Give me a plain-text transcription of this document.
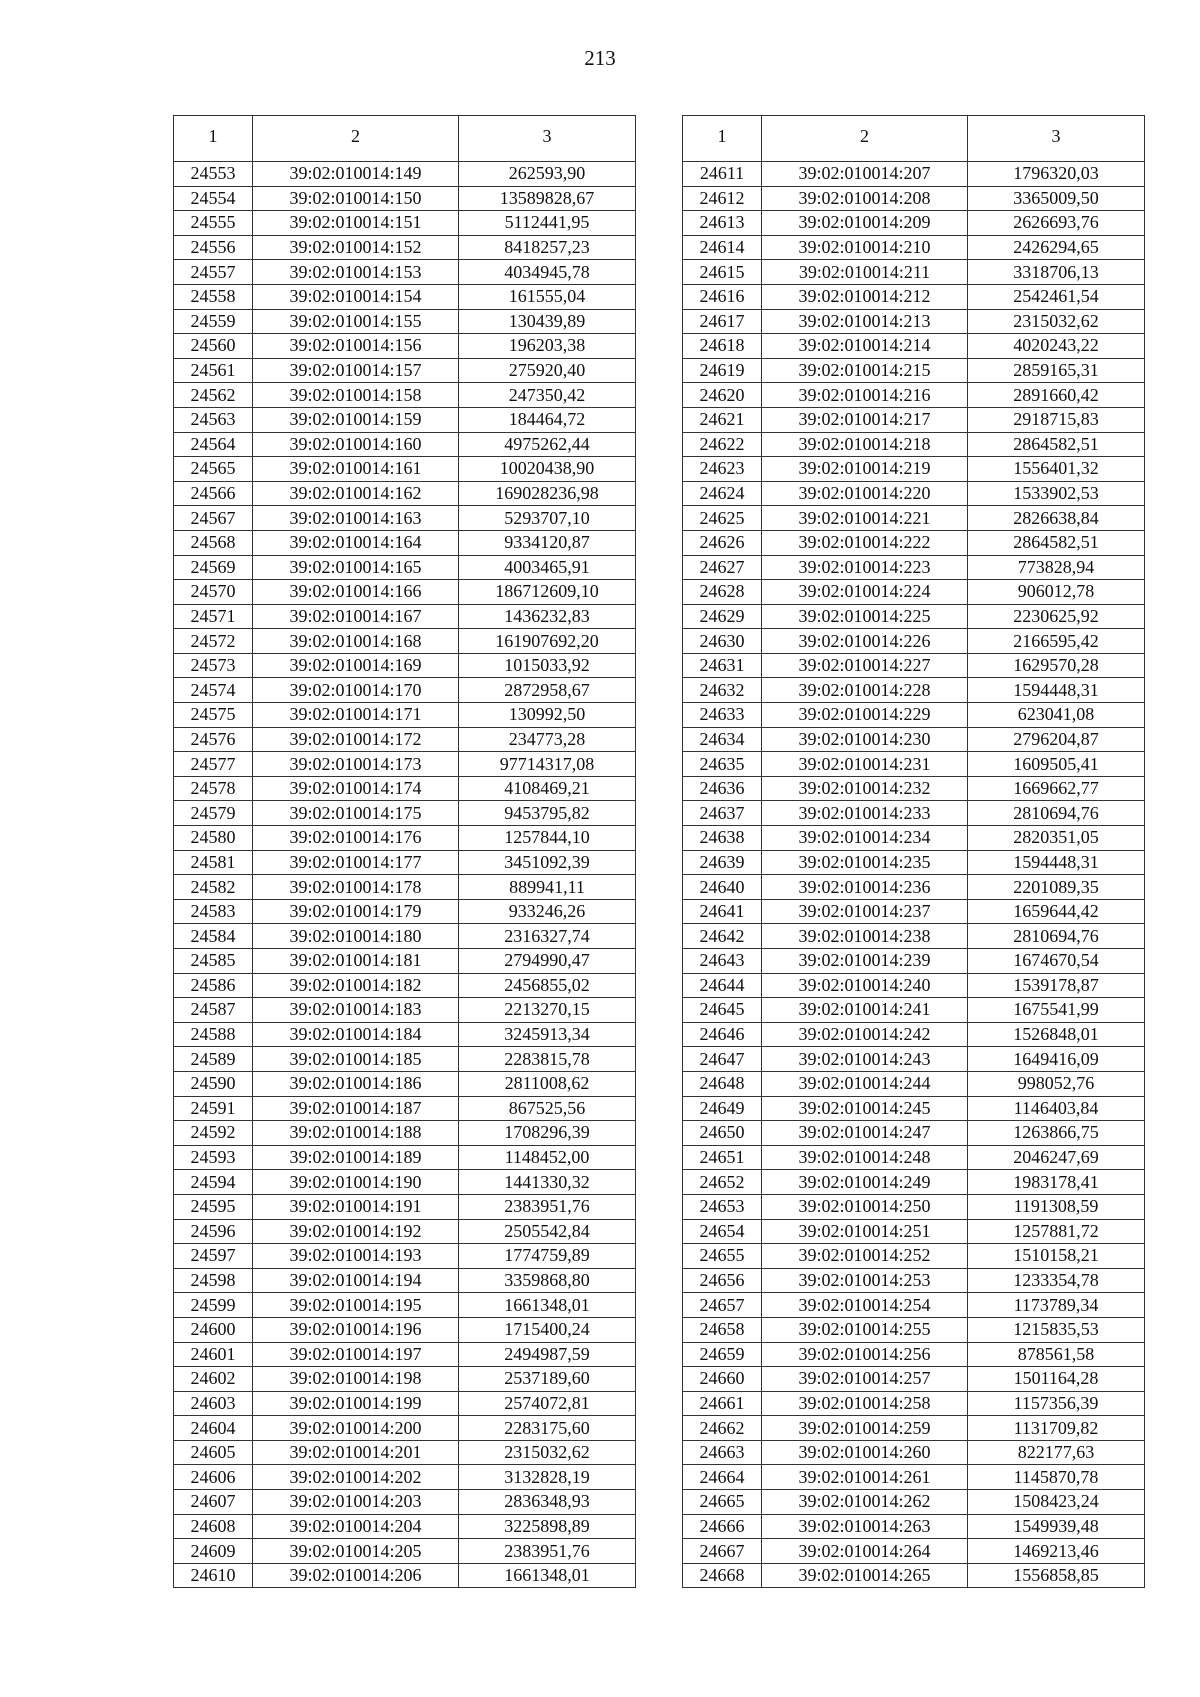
213
1	2	3
24553	39:02:010014:149	262593,90
24554	39:02:010014:150	13589828,67
24555	39:02:010014:151	5112441,95
24556	39:02:010014:152	8418257,23
24557	39:02:010014:153	4034945,78
24558	39:02:010014:154	161555,04
24559	39:02:010014:155	130439,89
24560	39:02:010014:156	196203,38
24561	39:02:010014:157	275920,40
24562	39:02:010014:158	247350,42
24563	39:02:010014:159	184464,72
24564	39:02:010014:160	4975262,44
24565	39:02:010014:161	10020438,90
24566	39:02:010014:162	169028236,98
24567	39:02:010014:163	5293707,10
24568	39:02:010014:164	9334120,87
24569	39:02:010014:165	4003465,91
24570	39:02:010014:166	186712609,10
24571	39:02:010014:167	1436232,83
24572	39:02:010014:168	161907692,20
24573	39:02:010014:169	1015033,92
24574	39:02:010014:170	2872958,67
24575	39:02:010014:171	130992,50
24576	39:02:010014:172	234773,28
24577	39:02:010014:173	97714317,08
24578	39:02:010014:174	4108469,21
24579	39:02:010014:175	9453795,82
24580	39:02:010014:176	1257844,10
24581	39:02:010014:177	3451092,39
24582	39:02:010014:178	889941,11
24583	39:02:010014:179	933246,26
24584	39:02:010014:180	2316327,74
24585	39:02:010014:181	2794990,47
24586	39:02:010014:182	2456855,02
24587	39:02:010014:183	2213270,15
24588	39:02:010014:184	3245913,34
24589	39:02:010014:185	2283815,78
24590	39:02:010014:186	2811008,62
24591	39:02:010014:187	867525,56
24592	39:02:010014:188	1708296,39
24593	39:02:010014:189	1148452,00
24594	39:02:010014:190	1441330,32
24595	39:02:010014:191	2383951,76
24596	39:02:010014:192	2505542,84
24597	39:02:010014:193	1774759,89
24598	39:02:010014:194	3359868,80
24599	39:02:010014:195	1661348,01
24600	39:02:010014:196	1715400,24
24601	39:02:010014:197	2494987,59
24602	39:02:010014:198	2537189,60
24603	39:02:010014:199	2574072,81
24604	39:02:010014:200	2283175,60
24605	39:02:010014:201	2315032,62
24606	39:02:010014:202	3132828,19
24607	39:02:010014:203	2836348,93
24608	39:02:010014:204	3225898,89
24609	39:02:010014:205	2383951,76
24610	39:02:010014:206	1661348,01
1	2	3
24611	39:02:010014:207	1796320,03
24612	39:02:010014:208	3365009,50
24613	39:02:010014:209	2626693,76
24614	39:02:010014:210	2426294,65
24615	39:02:010014:211	3318706,13
24616	39:02:010014:212	2542461,54
24617	39:02:010014:213	2315032,62
24618	39:02:010014:214	4020243,22
24619	39:02:010014:215	2859165,31
24620	39:02:010014:216	2891660,42
24621	39:02:010014:217	2918715,83
24622	39:02:010014:218	2864582,51
24623	39:02:010014:219	1556401,32
24624	39:02:010014:220	1533902,53
24625	39:02:010014:221	2826638,84
24626	39:02:010014:222	2864582,51
24627	39:02:010014:223	773828,94
24628	39:02:010014:224	906012,78
24629	39:02:010014:225	2230625,92
24630	39:02:010014:226	2166595,42
24631	39:02:010014:227	1629570,28
24632	39:02:010014:228	1594448,31
24633	39:02:010014:229	623041,08
24634	39:02:010014:230	2796204,87
24635	39:02:010014:231	1609505,41
24636	39:02:010014:232	1669662,77
24637	39:02:010014:233	2810694,76
24638	39:02:010014:234	2820351,05
24639	39:02:010014:235	1594448,31
24640	39:02:010014:236	2201089,35
24641	39:02:010014:237	1659644,42
24642	39:02:010014:238	2810694,76
24643	39:02:010014:239	1674670,54
24644	39:02:010014:240	1539178,87
24645	39:02:010014:241	1675541,99
24646	39:02:010014:242	1526848,01
24647	39:02:010014:243	1649416,09
24648	39:02:010014:244	998052,76
24649	39:02:010014:245	1146403,84
24650	39:02:010014:247	1263866,75
24651	39:02:010014:248	2046247,69
24652	39:02:010014:249	1983178,41
24653	39:02:010014:250	1191308,59
24654	39:02:010014:251	1257881,72
24655	39:02:010014:252	1510158,21
24656	39:02:010014:253	1233354,78
24657	39:02:010014:254	1173789,34
24658	39:02:010014:255	1215835,53
24659	39:02:010014:256	878561,58
24660	39:02:010014:257	1501164,28
24661	39:02:010014:258	1157356,39
24662	39:02:010014:259	1131709,82
24663	39:02:010014:260	822177,63
24664	39:02:010014:261	1145870,78
24665	39:02:010014:262	1508423,24
24666	39:02:010014:263	1549939,48
24667	39:02:010014:264	1469213,46
24668	39:02:010014:265	1556858,85
